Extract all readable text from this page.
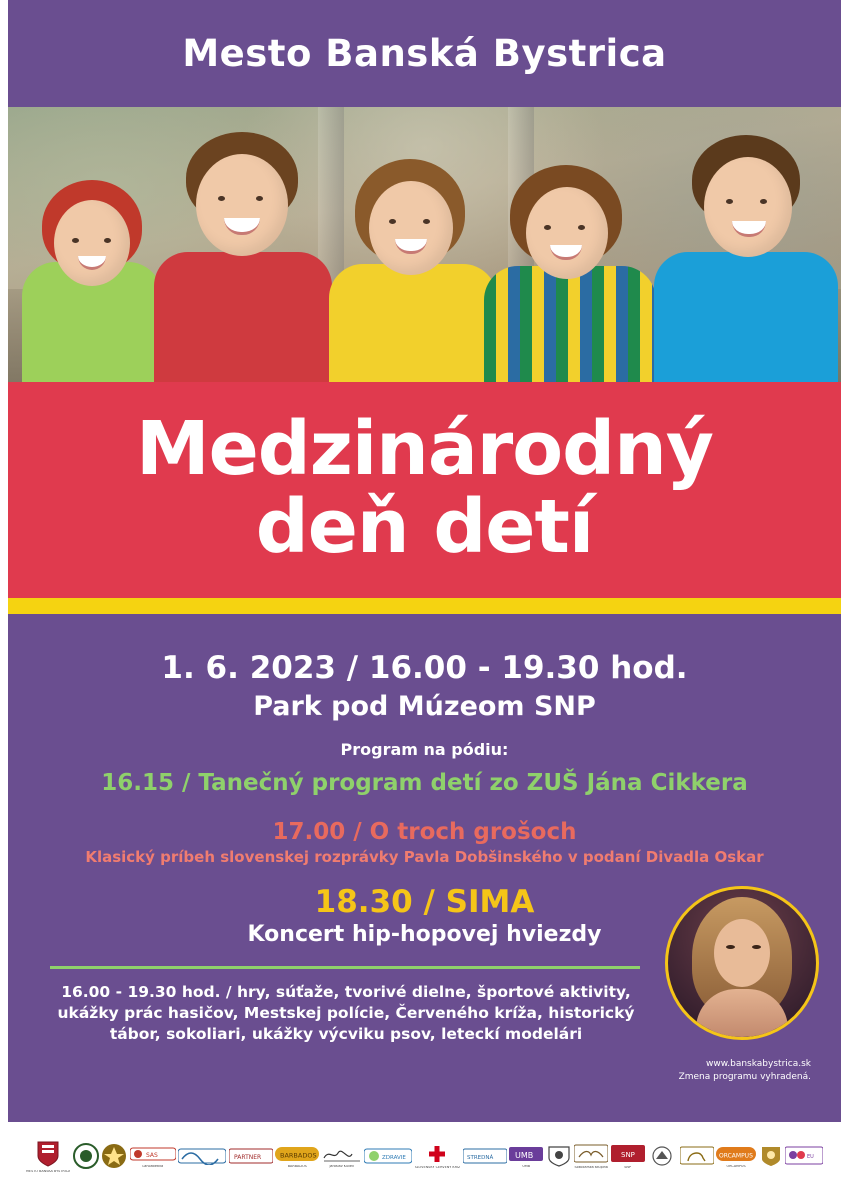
Mesto Banská Bystrica
Medzinárodný
deň detí
1. 6. 2023 / 16.00 - 19.30 hod.
Park pod Múzeom SNP
Program na pódiu:
16.15 / Tanečný program detí zo ZUŠ Jána Cikkera
17.00 / O troch grošoch
Klasický príbeh slovenskej rozprávky Pavla Dobšinského v podaní Divadla Oskar
18.30 / SIMA
Koncert hip-hopovej hviezdy
16.00 - 19.30 hod. / hry, súťaže, tvorivé dielne, športové aktivity, ukážky prác hasičov, Mestskej polície, Červeného kríža, historický tábor, sokoliari, ukážky výcviku psov, leteckí modelári
www.banskabystrica.sk
Zmena programu vyhradená.
MESTO BANSKÁ BYSTRICA
SAS
Ľahoatletika
PARTNER	BARBADOS
BARBADOS	Jaroslav Kuliev
ZDRAVIE
SLOVENSKÝ ČERVENÝ KRÍŽ
STREDNÁ	UMB
UMB	Sokoliarska skupina
SNP
SNP
ORCAMPUS
ORCAMPUS
EU
